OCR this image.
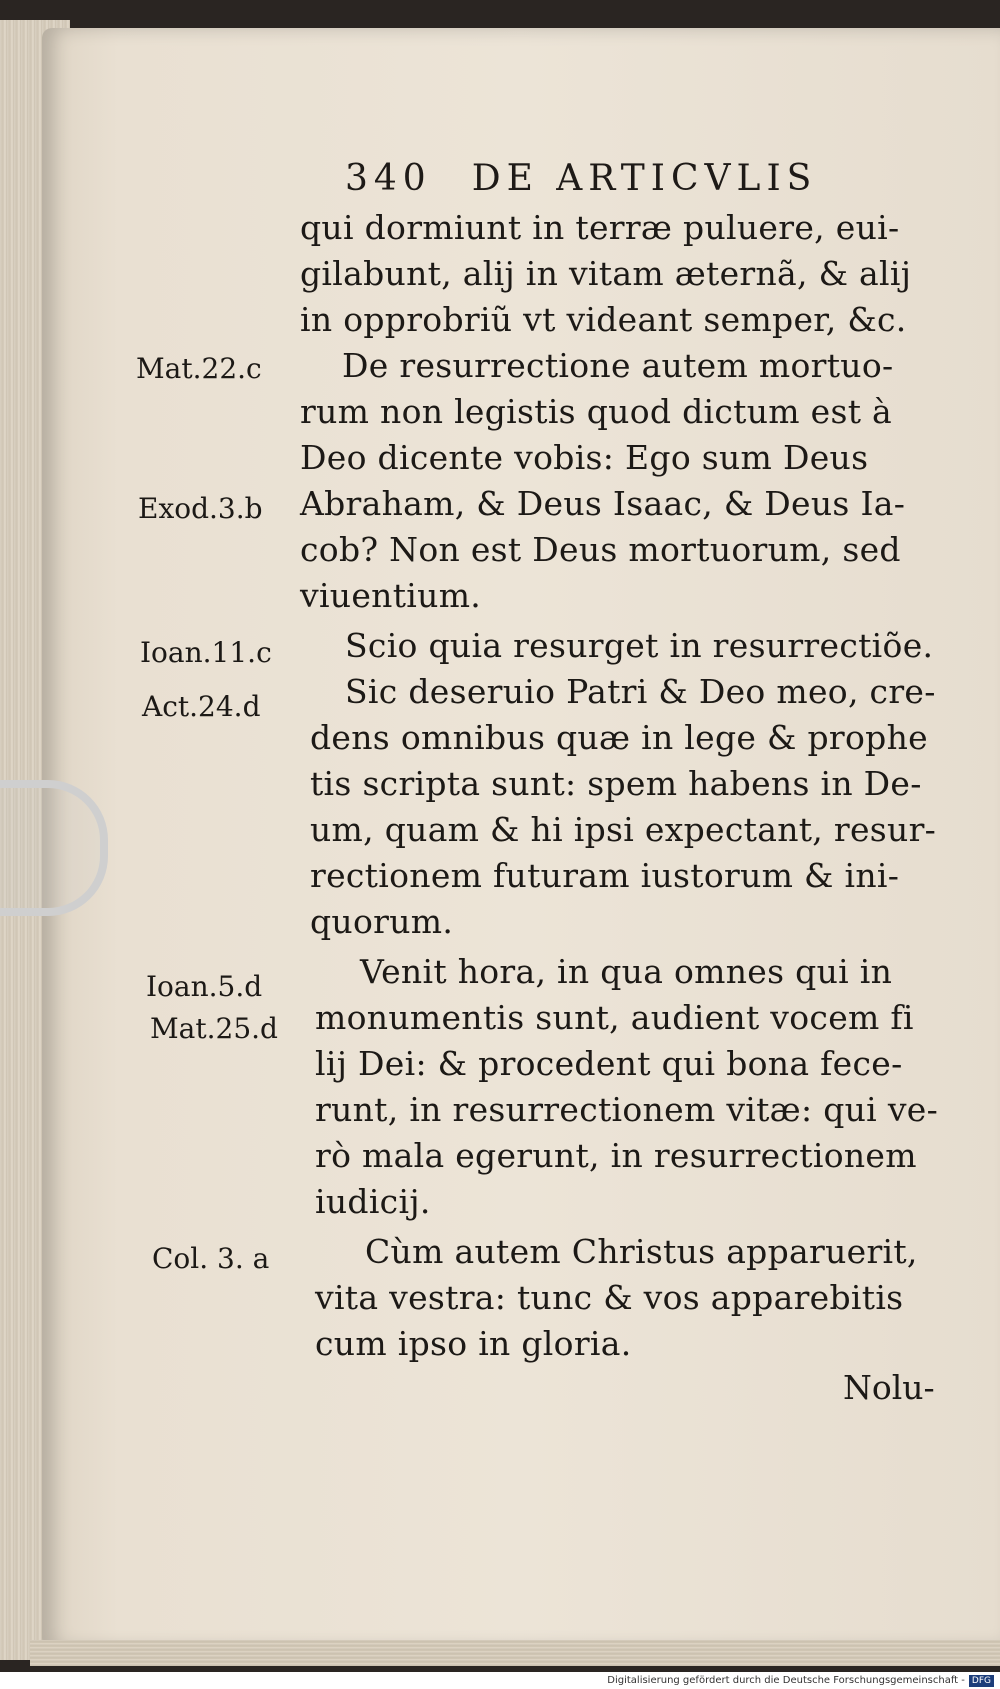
340 DE ARTICVLIS
qui dormiunt in terræ puluere, eui-
gilabunt, alij in vitam æternã, & alij
in opprobriũ vt videant semper, &c.
De resurrectione autem mortuo-
rum non legistis quod dictum est à
Deo dicente vobis: Ego sum Deus
Abraham, & Deus Isaac, & Deus Ia-
cob? Non est Deus mortuorum, sed
viuentium.
Scio quia resurget in resurrectiõe.
Sic deseruio Patri & Deo meo, cre-
dens omnibus quæ in lege & prophe
tis scripta sunt: spem habens in De-
um, quam & hi ipsi expectant, resur-
rectionem futuram iustorum & ini-
quorum.
Venit hora, in qua omnes qui in
monumentis sunt, audient vocem fi
lij Dei: & procedent qui bona fece-
runt, in resurrectionem vitæ: qui ve-
rò mala egerunt, in resurrectionem
iudicij.
Cùm autem Christus apparuerit,
vita vestra: tunc & vos apparebitis
cum ipso in gloria.
Mat.22.c
Exod.3.b
Ioan.11.c
Act.24.d
Ioan.5.d
Mat.25.d
Col. 3. a
Nolu-
Digitalisierung gefördert durch die Deutsche Forschungsgemeinschaft - DFG
